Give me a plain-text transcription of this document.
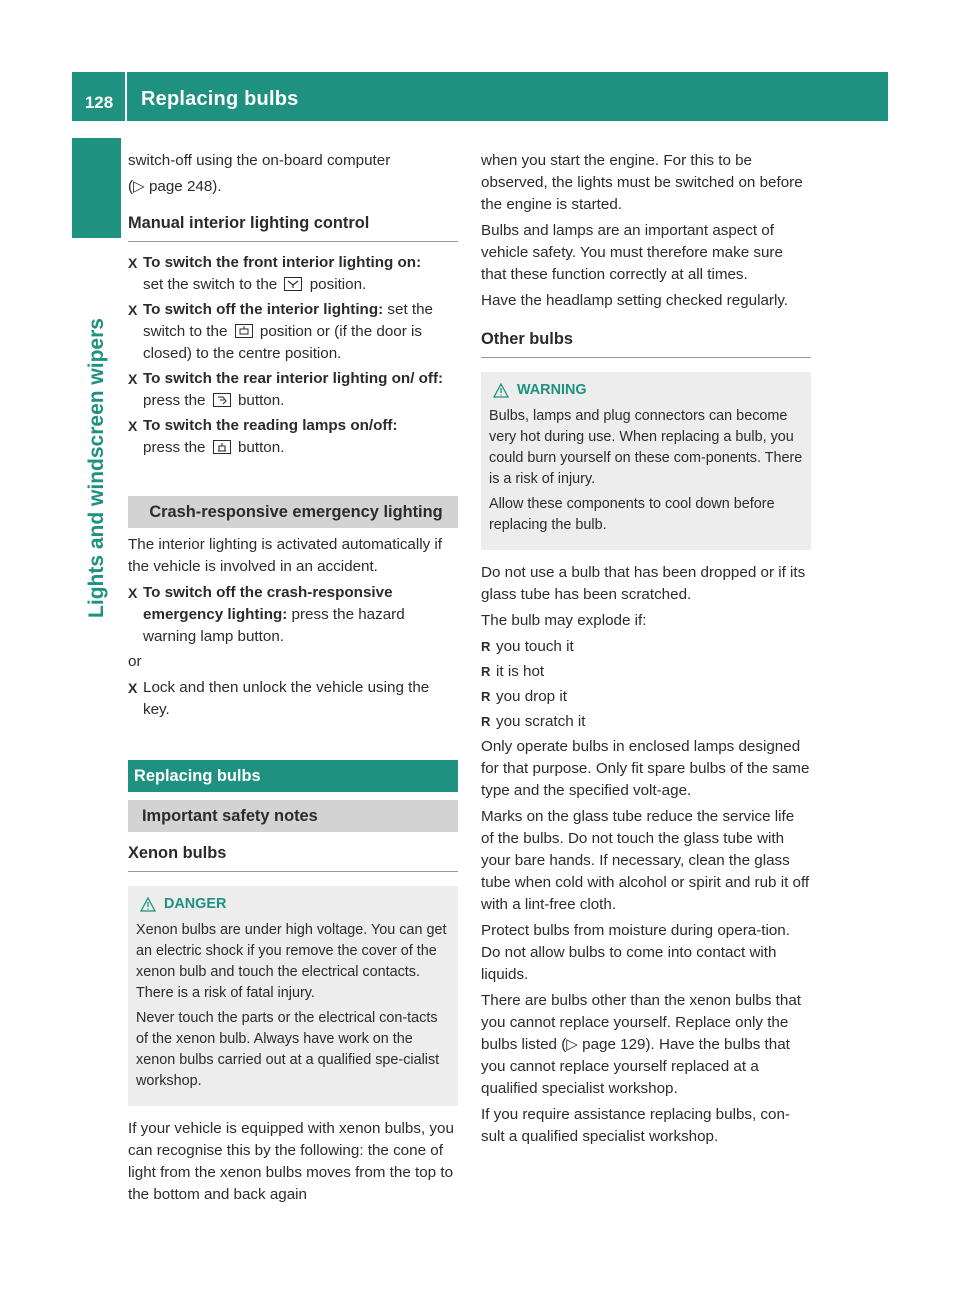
128	Replacing bulbs
Lights and windscreen wipers

switch-off using the on-board computer

(▷ page 248).

Manual interior lighting control
X To switch the front interior lighting on:
set the switch to the position.
X To switch off the interior lighting: set the switch to the position or (if the door is closed) to the centre position.
X To switch the rear interior lighting on/ off: press the button.
X To switch the reading lamps on/off:
press the button.
Crash-responsive emergency lighting

The interior lighting is activated automatically if the vehicle is involved in an accident.

X To switch off the crash-responsive emergency lighting: press the hazard warning lamp button.

or

X Lock and then unlock the vehicle using the key.
Replacing bulbs
Important safety notes
Xenon bulbs
DANGER

Xenon bulbs are under high voltage. You can get an electric shock if you remove the cover of the xenon bulb and touch the electrical contacts. There is a risk of fatal injury.

Never touch the parts or the electrical con-tacts of the xenon bulb. Always have work on the xenon bulbs carried out at a qualified spe-cialist workshop.

If your vehicle is equipped with xenon bulbs, you can recognise this by the following: the cone of light from the xenon bulbs moves from the top to the bottom and back again

when you start the engine. For this to be observed, the lights must be switched on before the engine is started.

Bulbs and lamps are an important aspect of vehicle safety. You must therefore make sure that these function correctly at all times.

Have the headlamp setting checked regularly.

Other bulbs
WARNING

Bulbs, lamps and plug connectors can become very hot during use. When replacing a bulb, you could burn yourself on these com-ponents. There is a risk of injury.

Allow these components to cool down before replacing the bulb.

Do not use a bulb that has been dropped or if its glass tube has been scratched.

The bulb may explode if:

R you touch it
R it is hot
R you drop it
R you scratch it

Only operate bulbs in enclosed lamps designed for that purpose. Only fit spare bulbs of the same type and the specified volt-age.

Marks on the glass tube reduce the service life of the bulbs. Do not touch the glass tube with your bare hands. If necessary, clean the glass tube when cold with alcohol or spirit and rub it off with a lint-free cloth.

Protect bulbs from moisture during opera-tion. Do not allow bulbs to come into contact with liquids.

There are bulbs other than the xenon bulbs that you cannot replace yourself. Replace only the bulbs listed (▷ page 129). Have the bulbs that you cannot replace yourself replaced at a qualified specialist workshop.

If you require assistance replacing bulbs, con-sult a qualified specialist workshop.
